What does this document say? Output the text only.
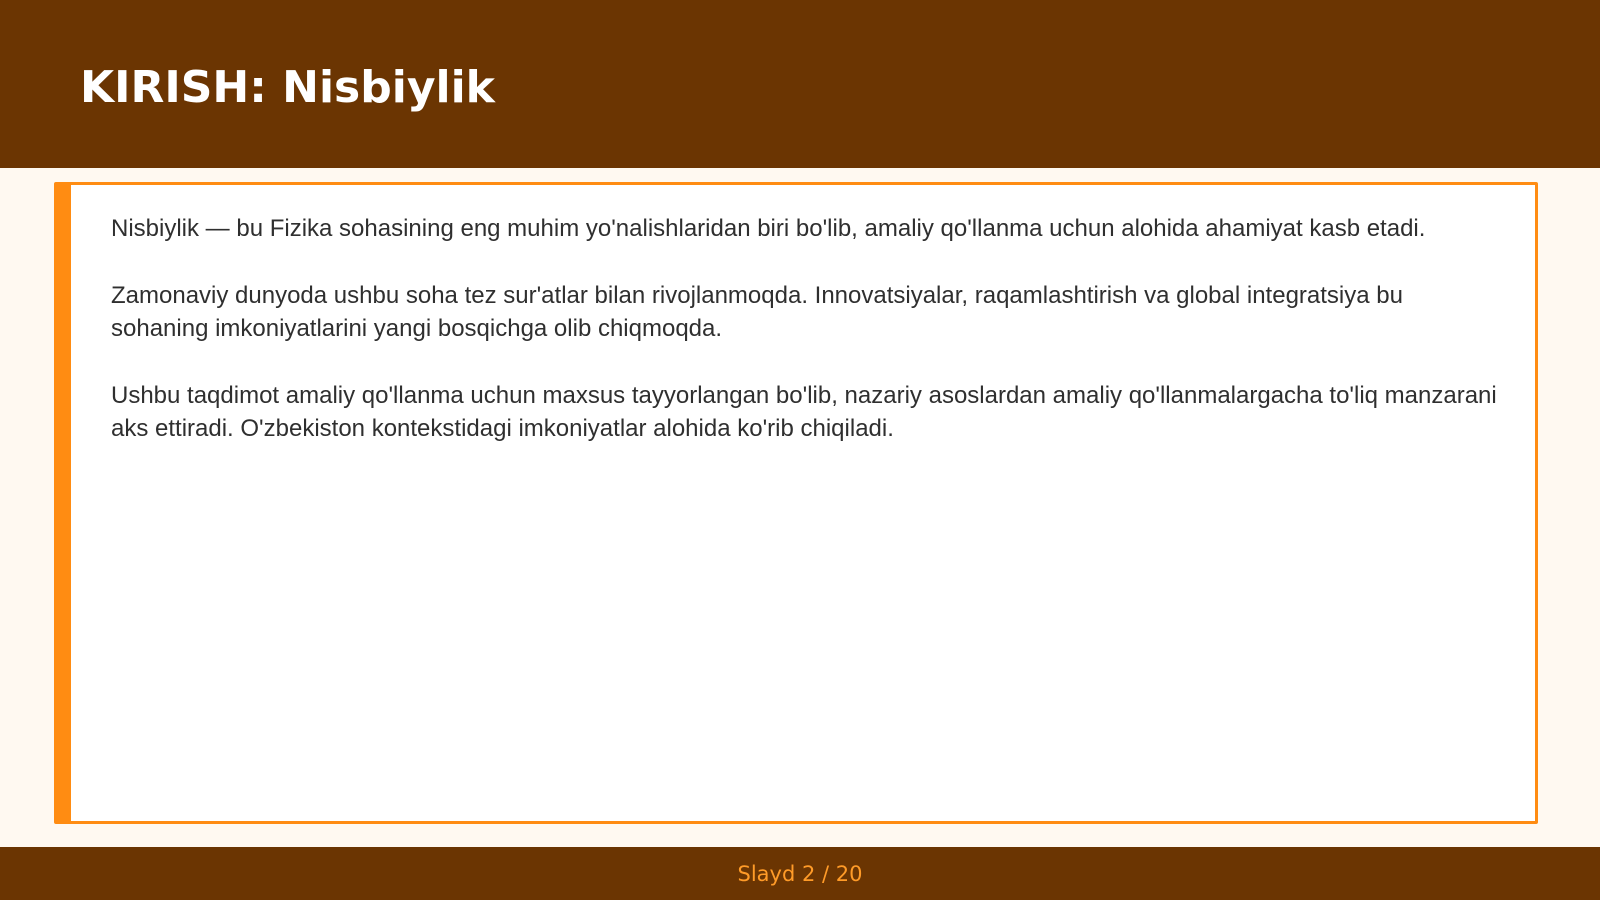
KIRISH: Nisbiylik

Nisbiylik — bu Fizika sohasining eng muhim yo'nalishlaridan biri bo'lib, amaliy qo'llanma uchun alohida ahamiyat kasb etadi.

Zamonaviy dunyoda ushbu soha tez sur'atlar bilan rivojlanmoqda. Innovatsiyalar, raqamlashtirish va global integratsiya bu sohaning imkoniyatlarini yangi bosqichga olib chiqmoqda.

Ushbu taqdimot amaliy qo'llanma uchun maxsus tayyorlangan bo'lib, nazariy asoslardan amaliy qo'llanmalargacha to'liq manzarani aks ettiradi. O'zbekiston kontekstidagi imkoniyatlar alohida ko'rib chiqiladi.

Slayd 2 / 20
